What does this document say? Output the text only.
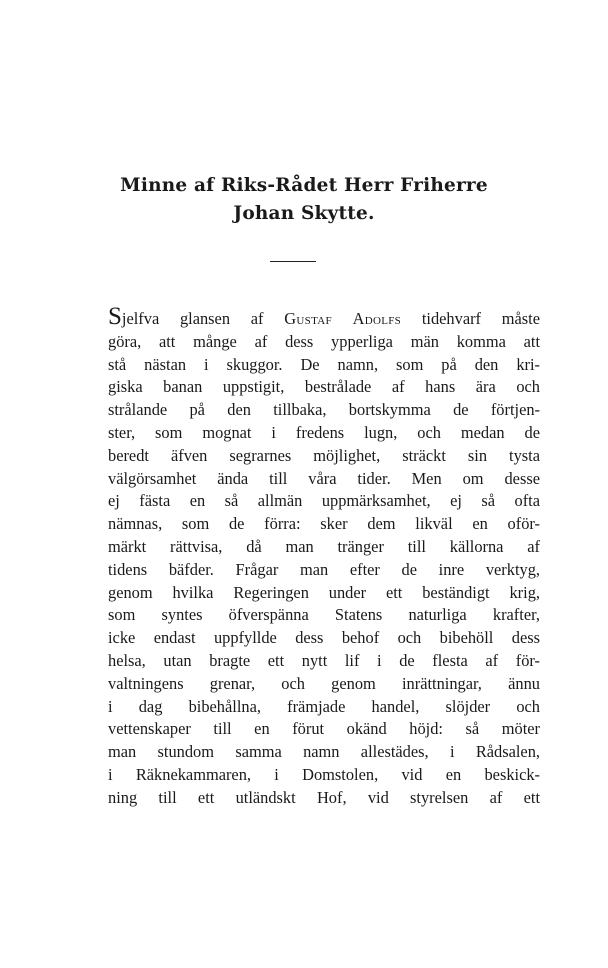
Minne af Riks-Rådet Herr Friherre
Johan Skytte.
Sjelfva glansen af Gustaf Adolfs tidehvarf måste
göra, att månge af dess ypperliga män komma att
stå nästan i skuggor. De namn, som på den kri-
giska banan uppstigit, bestrålade af hans ära och
strålande på den tillbaka, bortskymma de förtjen-
ster, som mognat i fredens lugn, och medan de
beredt äfven segrarnes möjlighet, sträckt sin tysta
välgörsamhet ända till våra tider. Men om desse
ej fästa en så allmän uppmärksamhet, ej så ofta
nämnas, som de förra: sker dem likväl en oför-
märkt rättvisa, då man tränger till källorna af
tidens bäfder. Frågar man efter de inre verktyg,
genom hvilka Regeringen under ett beständigt krig,
som syntes öfverspänna Statens naturliga krafter,
icke endast uppfyllde dess behof och bibehöll dess
helsa, utan bragte ett nytt lif i de flesta af för-
valtningens grenar, och genom inrättningar, ännu
i dag bibehållna, främjade handel, slöjder och
vettenskaper till en förut okänd höjd: så möter
man stundom samma namn allestädes, i Rådsalen,
i Räknekammaren, i Domstolen, vid en beskick-
ning till ett utländskt Hof, vid styrelsen af ett
